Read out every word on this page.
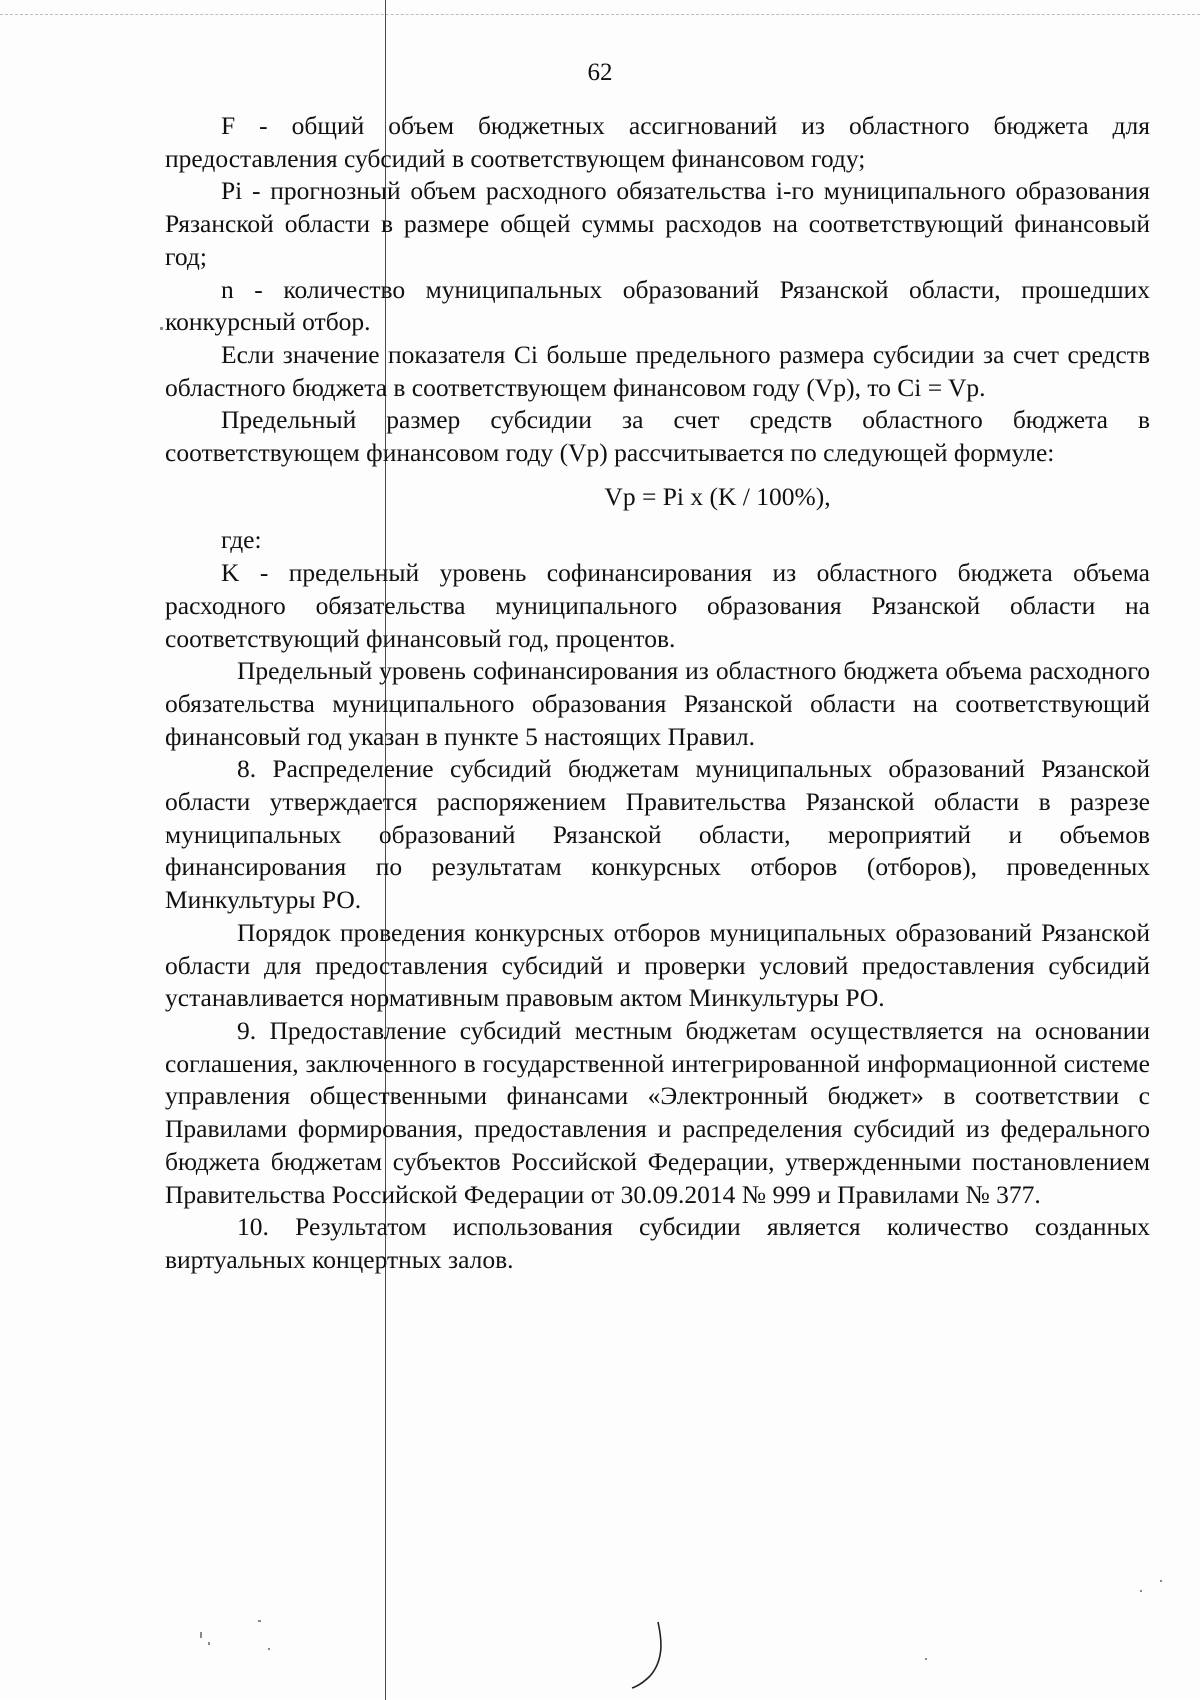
62

F - общий объем бюджетных ассигнований из областного бюджета для предоставления субсидий в соответствующем финансовом году;

Pi - прогнозный объем расходного обязательства i-го муниципального образования Рязанской области в размере общей суммы расходов на соответствующий финансовый год;

n - количество муниципальных образований Рязанской области, прошедших конкурсный отбор.

Если значение показателя Ci больше предельного размера субсидии за счет средств областного бюджета в соответствующем финансовом году (Vp), то Ci = Vp.

Предельный размер субсидии за счет средств областного бюджета в соответствующем финансовом году (Vp) рассчитывается по следующей формуле:

Vp = Pi x (K / 100%),

где:

K - предельный уровень софинансирования из областного бюджета объема расходного обязательства муниципального образования Рязанской области на соответствующий финансовый год, процентов.

Предельный уровень софинансирования из областного бюджета объема расходного обязательства муниципального образования Рязанской области на соответствующий финансовый год указан в пункте 5 настоящих Правил.

8. Распределение субсидий бюджетам муниципальных образований Рязанской области утверждается распоряжением Правительства Рязанской области в разрезе муниципальных образований Рязанской области, мероприятий и объемов финансирования по результатам конкурсных отборов (отборов), проведенных Минкультуры РО.

Порядок проведения конкурсных отборов муниципальных образований Рязанской области для предоставления субсидий и проверки условий предоставления субсидий устанавливается нормативным правовым актом Минкультуры РО.

9. Предоставление субсидий местным бюджетам осуществляется на основании соглашения, заключенного в государственной интегрированной информационной системе управления общественными финансами «Электронный бюджет» в соответствии с Правилами формирования, предоставления и распределения субсидий из федерального бюджета бюджетам субъектов Российской Федерации, утвержденными постановлением Правительства Российской Федерации от 30.09.2014 № 999 и Правилами № 377.

10. Результатом использования субсидии является количество созданных виртуальных концертных залов.
